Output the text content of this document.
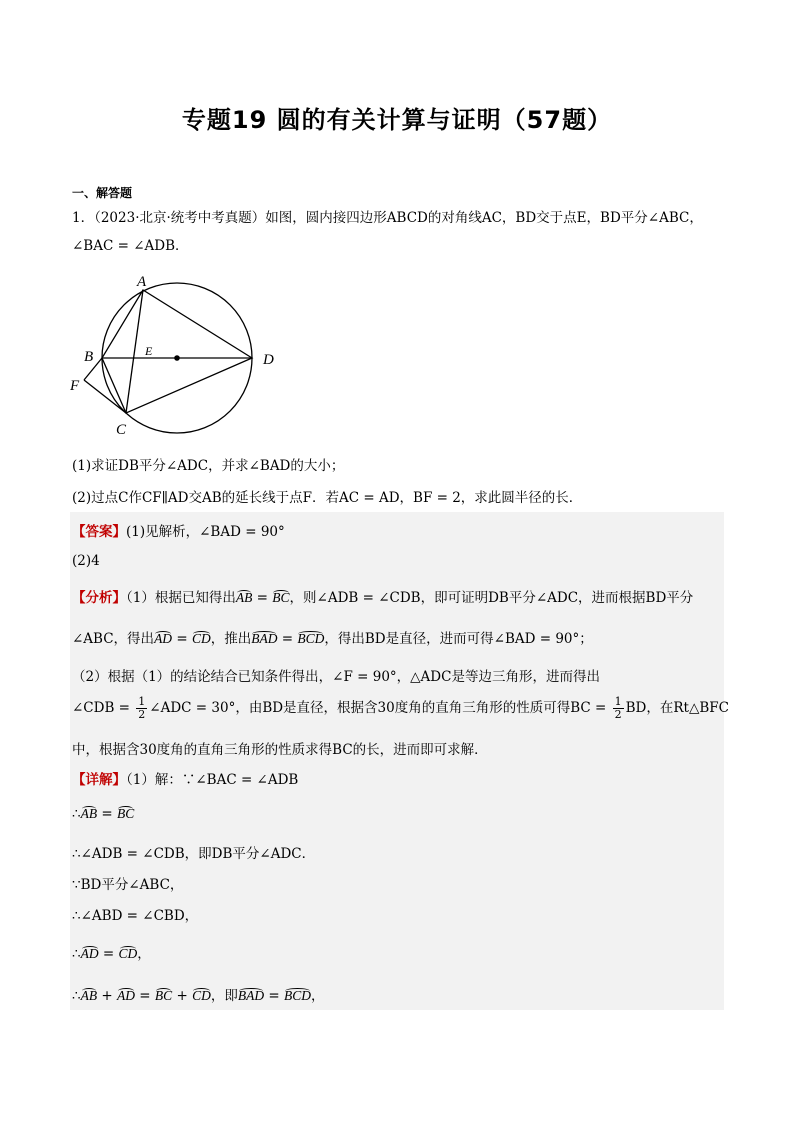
专题19 圆的有关计算与证明（57题）
一、解答题
1．（2023·北京·统考中考真题）如图，圆内接四边形ABCD的对角线AC，BD交于点E，BD平分∠ABC，
∠BAC = ∠ADB．
A
B
C
D
E
F
(1)求证DB平分∠ADC，并求∠BAD的大小；
(2)过点C作CF∥AD交AB的延长线于点F．若AC = AD，BF = 2，求此圆半径的长．
【答案】(1)见解析，∠BAD = 90°
(2)4
【分析】（1）根据已知得出AB = BC，则∠ADB = ∠CDB，即可证明DB平分∠ADC，进而根据BD平分
∠ABC，得出AD = CD，推出BAD = BCD，得出BD是直径，进而可得∠BAD = 90°；
（2）根据（1）的结论结合已知条件得出，∠F = 90°，△ADC是等边三角形，进而得出
∠CDB = $\frac{1}{2}$ ∠ADC = 30°，由BD是直径，根据含30度角的直角三角形的性质可得BC = $\frac{1}{2}$ BD，在Rt△BFC
中，根据含30度角的直角三角形的性质求得BC的长，进而即可求解．
【详解】（1）解：∵∠BAC = ∠ADB
∴AB = BC
∴∠ADB = ∠CDB，即DB平分∠ADC．
∵BD平分∠ABC，
∴∠ABD = ∠CBD，
∴AD = CD，
∴AB + AD = BC + CD，即BAD = BCD，
